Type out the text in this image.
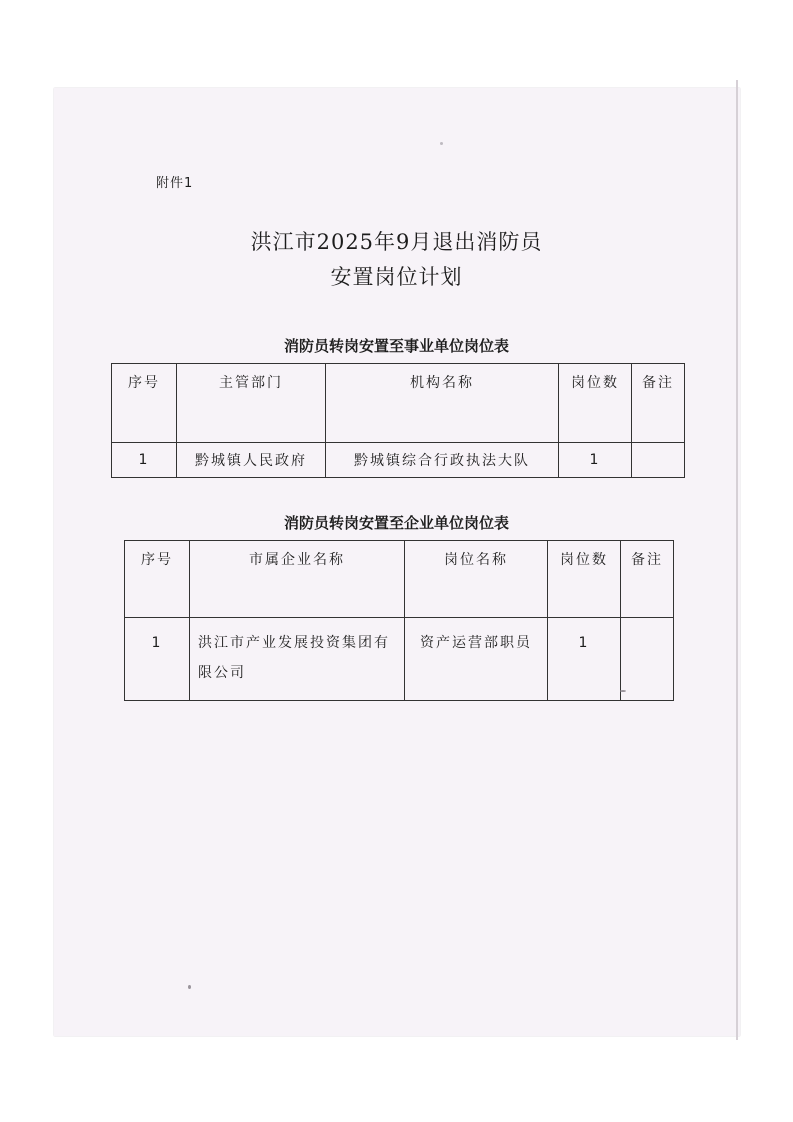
附件1
洪江市2025年9月退出消防员
安置岗位计划
消防员转岗安置至事业单位岗位表
序号	主管部门	机构名称	岗位数	备注
1	黔城镇人民政府	黔城镇综合行政执法大队	1	
消防员转岗安置至企业单位岗位表
序号	市属企业名称	岗位名称	岗位数	备注
1	洪江市产业发展投资集团有限公司	资产运营部职员	1	
